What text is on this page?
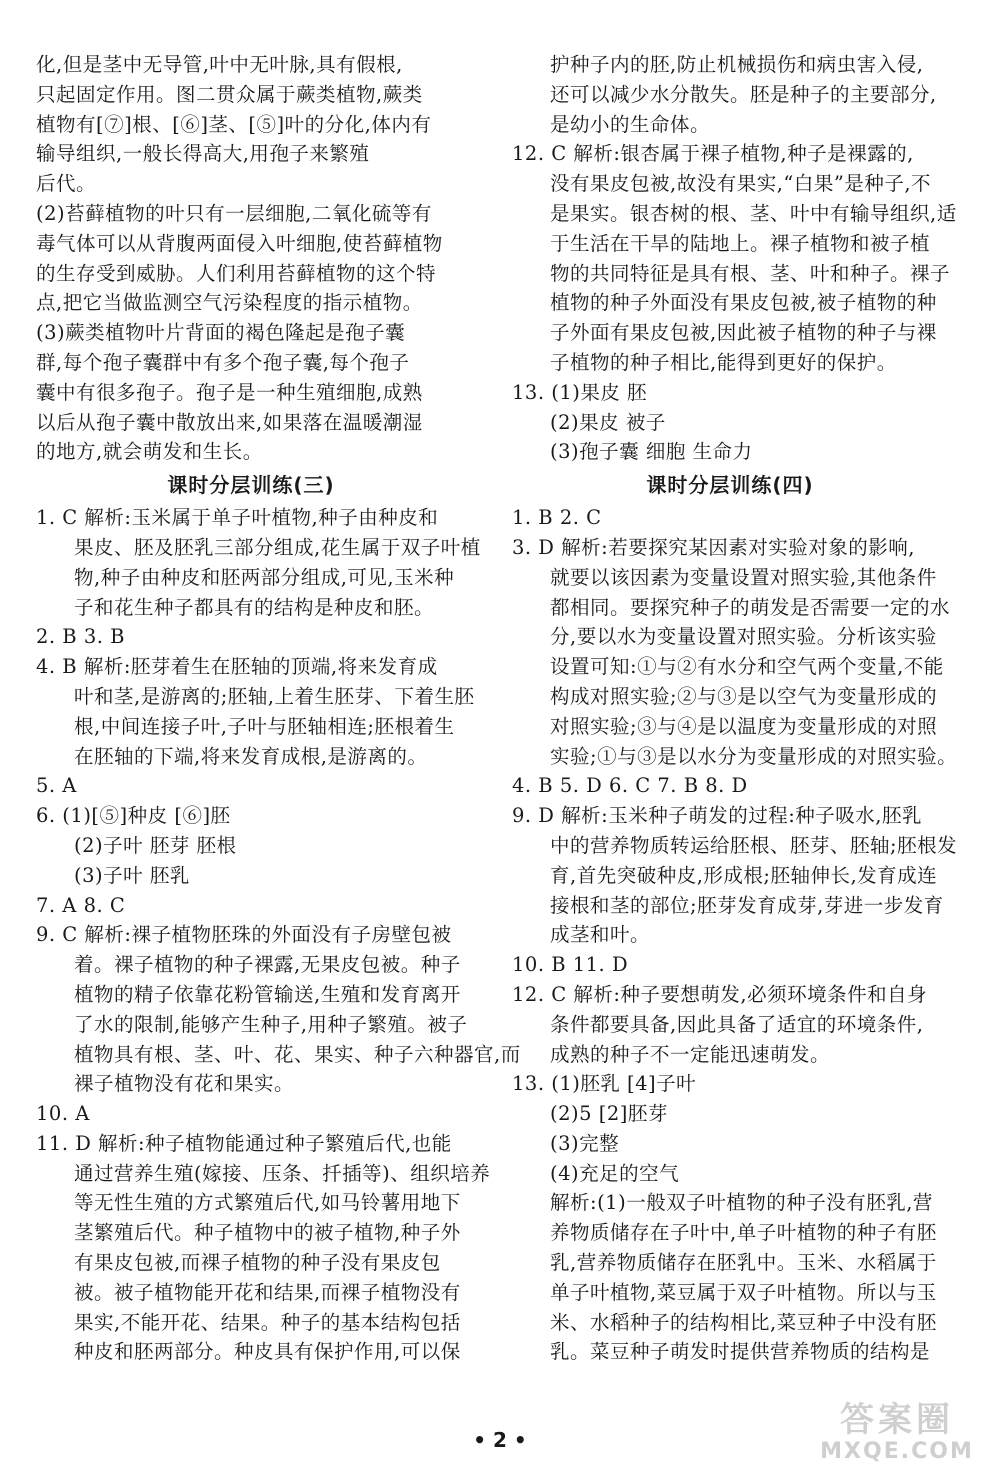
化,但是茎中无导管,叶中无叶脉,具有假根,
只起固定作用。图二贯众属于蕨类植物,蕨类
植物有[⑦]根、[⑥]茎、[⑤]叶的分化,体内有
输导组织,一般长得高大,用孢子来繁殖
后代。
(2)苔藓植物的叶只有一层细胞,二氧化硫等有
毒气体可以从背腹两面侵入叶细胞,使苔藓植物
的生存受到威胁。人们利用苔藓植物的这个特
点,把它当做监测空气污染程度的指示植物。
(3)蕨类植物叶片背面的褐色隆起是孢子囊
群,每个孢子囊群中有多个孢子囊,每个孢子
囊中有很多孢子。孢子是一种生殖细胞,成熟
以后从孢子囊中散放出来,如果落在温暖潮湿
的地方,就会萌发和生长。
课时分层训练(三)
1. C 解析:玉米属于单子叶植物,种子由种皮和
果皮、胚及胚乳三部分组成,花生属于双子叶植
物,种子由种皮和胚两部分组成,可见,玉米种
子和花生种子都具有的结构是种皮和胚。
2. B 3. B
4. B 解析:胚芽着生在胚轴的顶端,将来发育成
叶和茎,是游离的;胚轴,上着生胚芽、下着生胚
根,中间连接子叶,子叶与胚轴相连;胚根着生
在胚轴的下端,将来发育成根,是游离的。
5. A
6. (1)[⑤]种皮 [⑥]胚
(2)子叶 胚芽 胚根
(3)子叶 胚乳
7. A 8. C
9. C 解析:裸子植物胚珠的外面没有子房壁包被
着。裸子植物的种子裸露,无果皮包被。种子
植物的精子依靠花粉管输送,生殖和发育离开
了水的限制,能够产生种子,用种子繁殖。被子
植物具有根、茎、叶、花、果实、种子六种器官,而
裸子植物没有花和果实。
10. A
11. D 解析:种子植物能通过种子繁殖后代,也能
通过营养生殖(嫁接、压条、扦插等)、组织培养
等无性生殖的方式繁殖后代,如马铃薯用地下
茎繁殖后代。种子植物中的被子植物,种子外
有果皮包被,而裸子植物的种子没有果皮包
被。被子植物能开花和结果,而裸子植物没有
果实,不能开花、结果。种子的基本结构包括
种皮和胚两部分。种皮具有保护作用,可以保
护种子内的胚,防止机械损伤和病虫害入侵,
还可以减少水分散失。胚是种子的主要部分,
是幼小的生命体。
12. C 解析:银杏属于裸子植物,种子是裸露的,
没有果皮包被,故没有果实,“白果”是种子,不
是果实。银杏树的根、茎、叶中有输导组织,适
于生活在干旱的陆地上。裸子植物和被子植
物的共同特征是具有根、茎、叶和种子。裸子
植物的种子外面没有果皮包被,被子植物的种
子外面有果皮包被,因此被子植物的种子与裸
子植物的种子相比,能得到更好的保护。
13. (1)果皮 胚
(2)果皮 被子
(3)孢子囊 细胞 生命力
课时分层训练(四)
1. B 2. C
3. D 解析:若要探究某因素对实验对象的影响,
就要以该因素为变量设置对照实验,其他条件
都相同。要探究种子的萌发是否需要一定的水
分,要以水为变量设置对照实验。分析该实验
设置可知:①与②有水分和空气两个变量,不能
构成对照实验;②与③是以空气为变量形成的
对照实验;③与④是以温度为变量形成的对照
实验;①与③是以水分为变量形成的对照实验。
4. B 5. D 6. C 7. B 8. D
9. D 解析:玉米种子萌发的过程:种子吸水,胚乳
中的营养物质转运给胚根、胚芽、胚轴;胚根发
育,首先突破种皮,形成根;胚轴伸长,发育成连
接根和茎的部位;胚芽发育成芽,芽进一步发育
成茎和叶。
10. B 11. D
12. C 解析:种子要想萌发,必须环境条件和自身
条件都要具备,因此具备了适宜的环境条件,
成熟的种子不一定能迅速萌发。
13. (1)胚乳 [4]子叶
(2)5 [2]胚芽
(3)完整
(4)充足的空气
解析:(1)一般双子叶植物的种子没有胚乳,营
养物质储存在子叶中,单子叶植物的种子有胚
乳,营养物质储存在胚乳中。玉米、水稻属于
单子叶植物,菜豆属于双子叶植物。所以与玉
米、水稻种子的结构相比,菜豆种子中没有胚
乳。菜豆种子萌发时提供营养物质的结构是
• 2 •	答案圈
MXQE.COM
